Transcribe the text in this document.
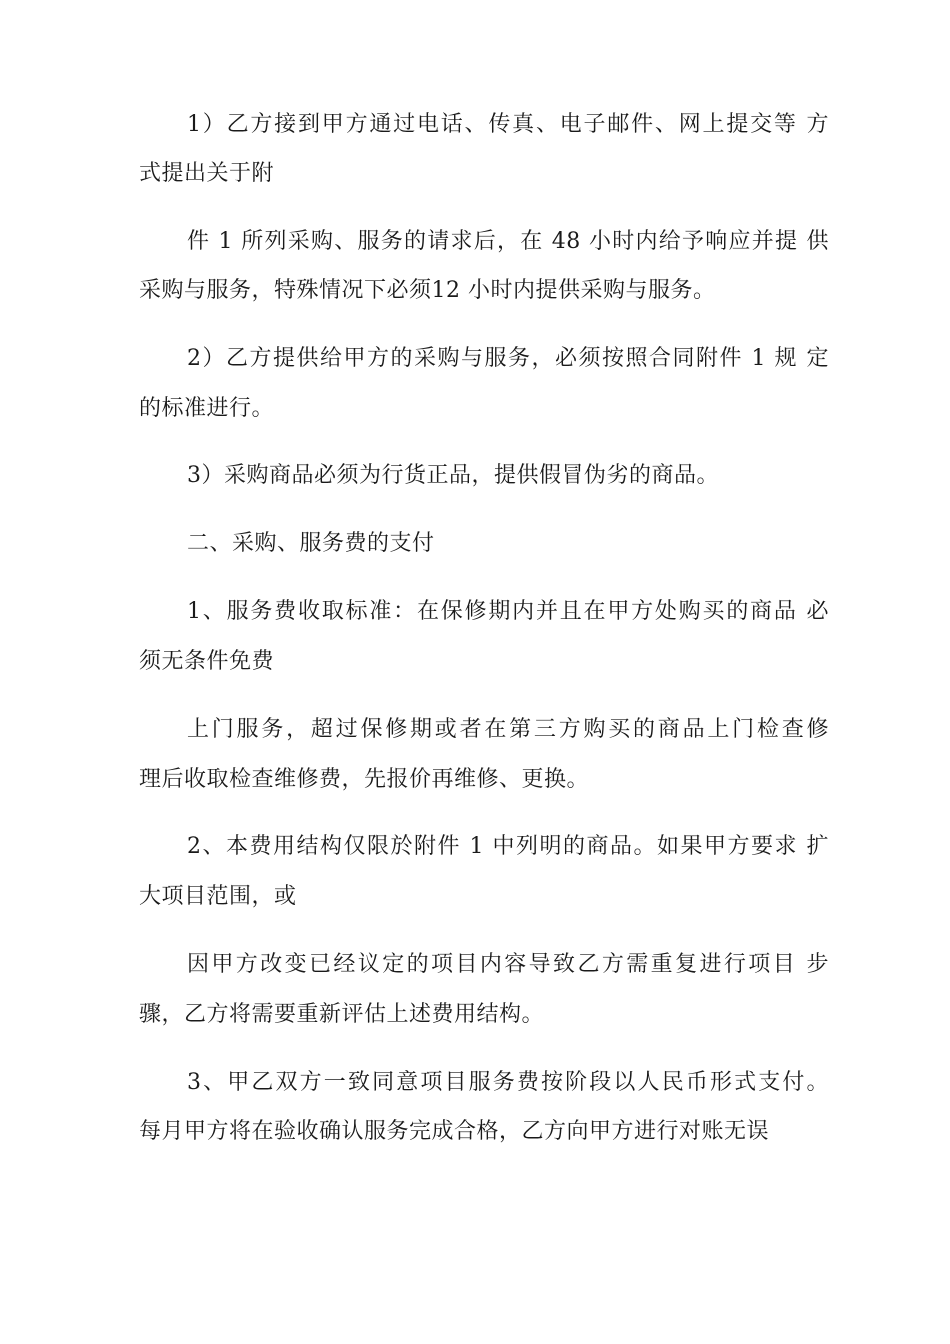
1）乙方接到甲方通过电话、传真、电子邮件、网上提交等 方
式提出关于附
件 1 所列采购、服务的请求后，在 48 小时内给予响应并提 供
采购与服务，特殊情况下必须12 小时内提供采购与服务。
2）乙方提供给甲方的采购与服务，必须按照合同附件 1 规 定
的标准进行。
3）采购商品必须为行货正品，提供假冒伪劣的商品。
二、采购、服务费的支付
1、服务费收取标准：在保修期内并且在甲方处购买的商品 必
须无条件免费
上门服务，超过保修期或者在第三方购买的商品上门检查修
理后收取检查维修费，先报价再维修、更换。
2、本费用结构仅限於附件 1 中列明的商品。如果甲方要求 扩
大项目范围，或
因甲方改变已经议定的项目内容导致乙方需重复进行项目 步
骤，乙方将需要重新评估上述费用结构。
3、甲乙双方一致同意项目服务费按阶段以人民币形式支付。
每月甲方将在验收确认服务完成合格，乙方向甲方进行对账无误
